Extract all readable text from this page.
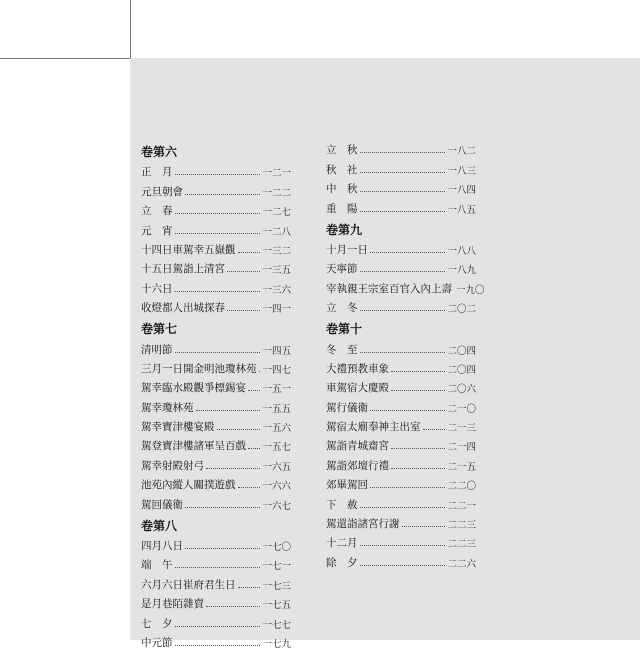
卷第六
正　月	一二一
元旦朝會	一二二
立　春	一二七
元　宵	一二八
十四日車駕幸五嶽觀	一三二
十五日駕詣上清宮	一三五
十六日	一三六
收燈都人出城探春	一四一
卷第七
清明節	一四五
三月一日開金明池瓊林苑 一四七
駕幸臨水殿觀爭標錫宴 一五一
駕幸瓊林苑	一五五
駕幸寶津樓宴殿	一五六
駕登寶津樓諸軍呈百戲 一五七
駕幸射殿射弓	一六五
池苑內縱人關撲遊戲	一六六
駕回儀衛	一六七
卷第八
四月八日	一七〇
端　午	一七一
六月六日崔府君生日	一七三
是月巷陌雜賣	一七五
七　夕	一七七
中元節	一七九
立　秋	一八二
秋　社	一八三
中　秋	一八四
重　陽	一八五
卷第九
十月一日	一八八
天寧節	一八九
宰執親王宗室百官入內上壽 一九〇
立　冬	二〇二
卷第十
冬　至	二〇四
大禮預教車象	二〇四
車駕宿大慶殿	二〇六
駕行儀衛	二一〇
駕宿太廟奉神主出室	二一三
駕詣青城齋宮	二一四
駕詣郊壇行禮	二一五
郊畢駕回	二二〇
下　赦	二二一
駕還詣諸宮行謝	二二三
十二月	二二三
除　夕	二二六
